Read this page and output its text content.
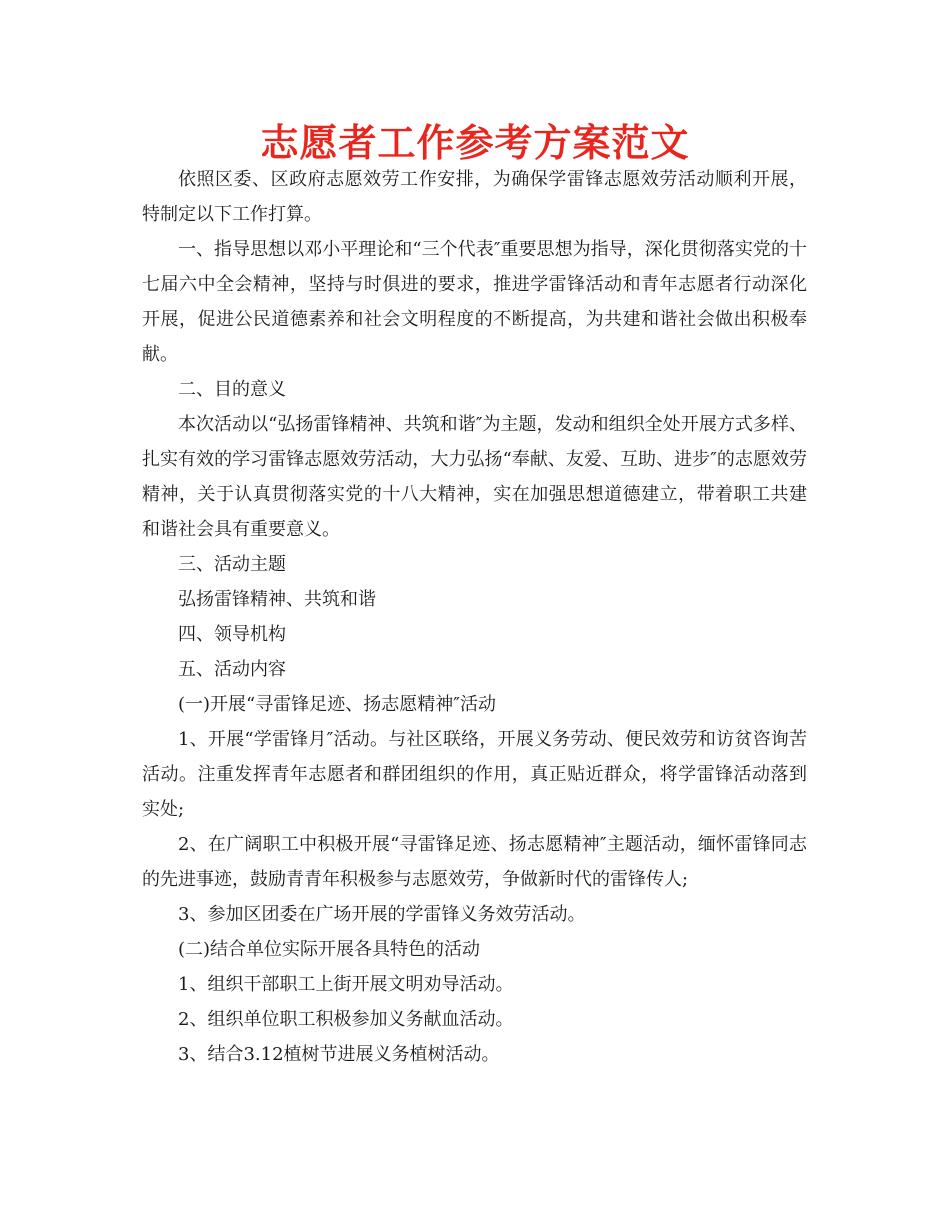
志愿者工作参考方案范文

依照区委、区政府志愿效劳工作安排，为确保学雷锋志愿效劳活动顺利开展，特制定以下工作打算。

一、指导思想以邓小平理论和“三个代表″重要思想为指导，深化贯彻落实党的十七届六中全会精神，坚持与时俱进的要求，推进学雷锋活动和青年志愿者行动深化开展，促进公民道德素养和社会文明程度的不断提高，为共建和谐社会做出积极奉献。

二、目的意义

本次活动以“弘扬雷锋精神、共筑和谐″为主题，发动和组织全处开展方式多样、扎实有效的学习雷锋志愿效劳活动，大力弘扬“奉献、友爱、互助、进步″的志愿效劳精神，关于认真贯彻落实党的十八大精神，实在加强思想道德建立，带着职工共建和谐社会具有重要意义。

三、活动主题

弘扬雷锋精神、共筑和谐

四、领导机构

五、活动内容

(一)开展“寻雷锋足迹、扬志愿精神″活动

1、开展“学雷锋月″活动。与社区联络，开展义务劳动、便民效劳和访贫咨询苦活动。注重发挥青年志愿者和群团组织的作用，真正贴近群众，将学雷锋活动落到实处;

2、在广阔职工中积极开展“寻雷锋足迹、扬志愿精神″主题活动，缅怀雷锋同志的先进事迹，鼓励青青年积极参与志愿效劳，争做新时代的雷锋传人;

3、参加区团委在广场开展的学雷锋义务效劳活动。

(二)结合单位实际开展各具特色的活动

1、组织干部职工上街开展文明劝导活动。

2、组织单位职工积极参加义务献血活动。

3、结合3.12植树节进展义务植树活动。
